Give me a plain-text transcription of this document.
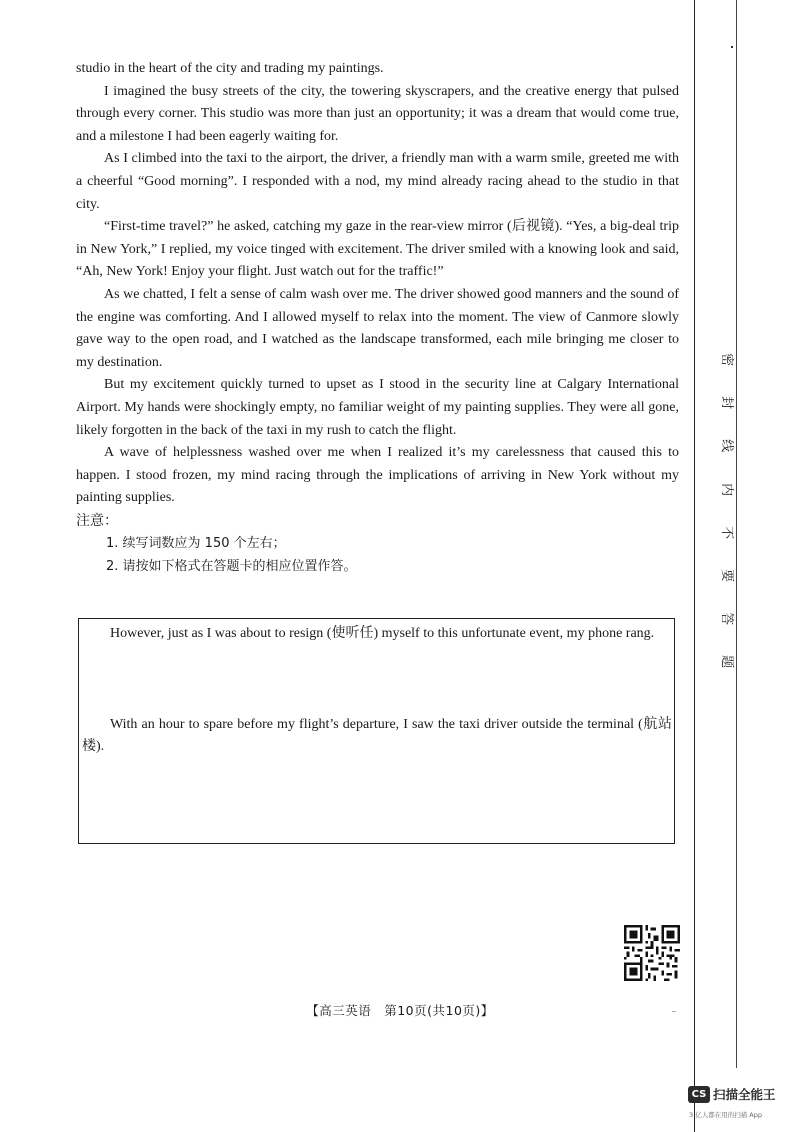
studio in the heart of the city and trading my paintings.

I imagined the busy streets of the city, the towering skyscrapers, and the creative energy that pulsed through every corner. This studio was more than just an opportunity; it was a dream that would come true, and a milestone I had been eagerly waiting for.

As I climbed into the taxi to the airport, the driver, a friendly man with a warm smile, greeted me with a cheerful “Good morning”. I responded with a nod, my mind already racing ahead to the studio in that city.

“First-time travel?” he asked, catching my gaze in the rear-view mirror (后视镜). “Yes, a big-deal trip in New York,” I replied, my voice tinged with excitement. The driver smiled with a knowing look and said, “Ah, New York! Enjoy your flight. Just watch out for the traffic!”

As we chatted, I felt a sense of calm wash over me. The driver showed good manners and the sound of the engine was comforting. And I allowed myself to relax into the moment. The view of Canmore slowly gave way to the open road, and I watched as the landscape transformed, each mile bringing me closer to my destination.

But my excitement quickly turned to upset as I stood in the security line at Calgary International Airport. My hands were shockingly empty, no familiar weight of my painting supplies. They were all gone, likely forgotten in the back of the taxi in my rush to catch the flight.

A wave of helplessness washed over me when I realized it’s my carelessness that caused this to happen. I stood frozen, my mind racing through the implications of arriving in New York without my painting supplies.

注意：

1. 续写词数应为 150 个左右；

2. 请按如下格式在答题卡的相应位置作答。

However, just as I was about to resign (使听任) myself to this unfortunate event, my phone rang.

With an hour to spare before my flight’s departure, I saw the taxi driver outside the terminal (航站楼).

密
封
线
内
不
要
答
题
【高三英语　第10页(共10页)】	..
CS 扫描全能王
3 亿人都在用的扫描 App
